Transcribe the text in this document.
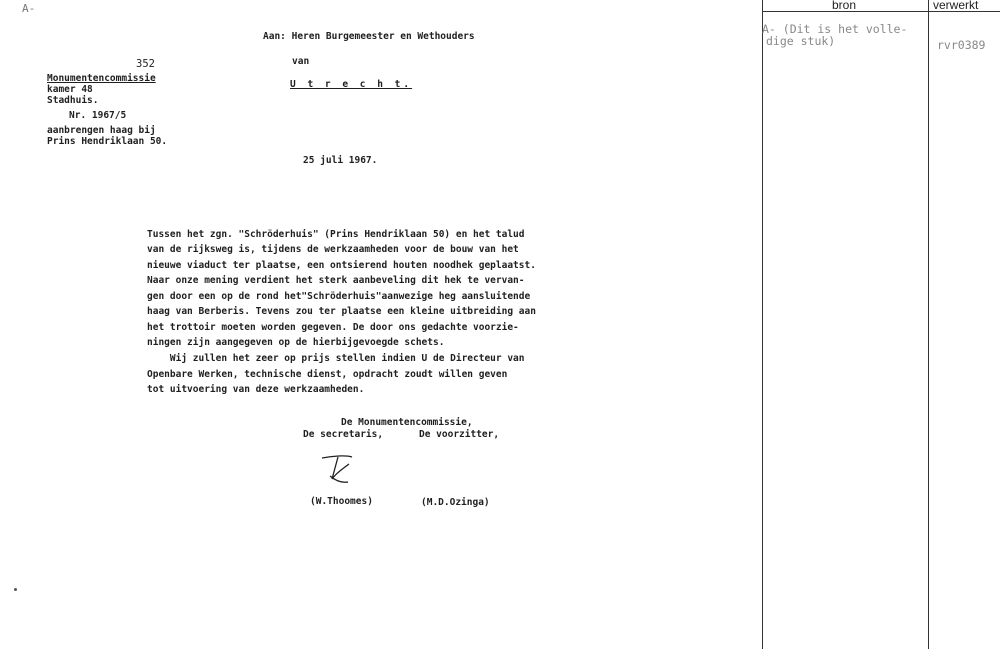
A-
Aan: Heren Burgemeester en Wethouders
van
U t r e c h t.
352
Monumentencommissie
kamer 48
Stadhuis.
Nr. 1967/5
aanbrengen haag bij
Prins Hendriklaan 50.
25 juli 1967.
Tussen het zgn. "Schröderhuis" (Prins Hendriklaan 50) en het talud
van de rijksweg is, tijdens de werkzaamheden voor de bouw van het
nieuwe viaduct ter plaatse, een ontsierend houten noodhek geplaatst.
Naar onze mening verdient het sterk aanbeveling dit hek te vervan-
gen door een op de rond het"Schröderhuis"aanwezige heg aansluitende
haag van Berberis. Tevens zou ter plaatse een kleine uitbreiding aan
het trottoir moeten worden gegeven. De door ons gedachte voorzie-
ningen zijn aangegeven op de hierbijgevoegde schets.
Wij zullen het zeer op prijs stellen indien U de Directeur van
Openbare Werken, technische dienst, opdracht zoudt willen geven
tot uitvoering van deze werkzaamheden.
De Monumentencommissie,
De secretaris,	De voorzitter,
(W.Thoomes)	(M.D.Ozinga)
bron	verwerkt
A- (Dit is het volle-
dige stuk)	rvr0389
